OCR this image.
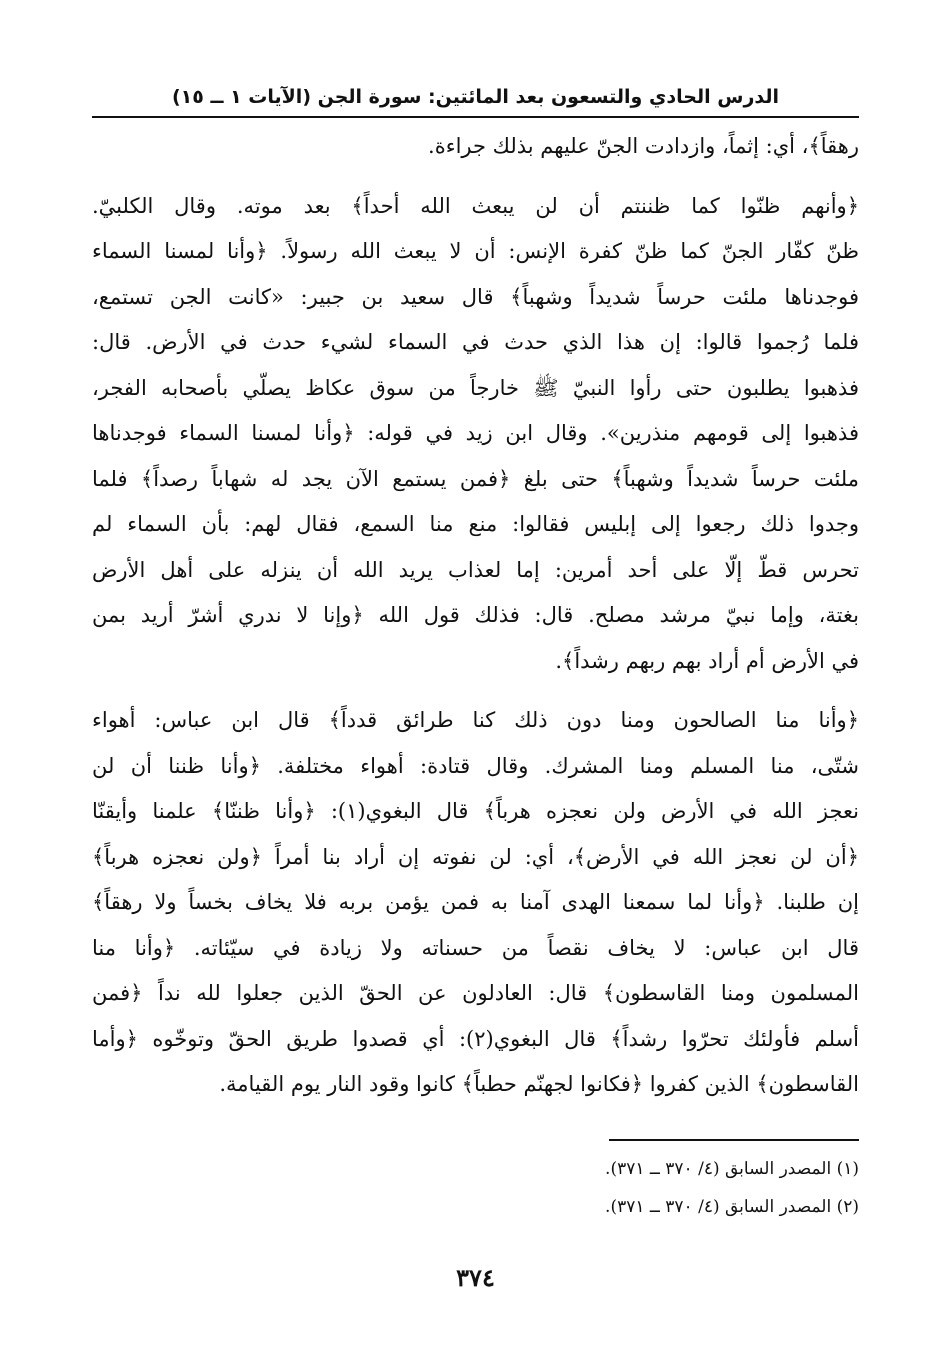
الدرس الحادي والتسعون بعد المائتين: سورة الجن (الآيات ١ ــ ١٥)
رهقاً﴾، أي: إثماً، وازدادت الجنّ عليهم بذلك جراءة.
﴿وأنهم ظنّوا كما ظننتم أن لن يبعث الله أحداً﴾ بعد موته. وقال الكلبيّ.
ظنّ كفّار الجنّ كما ظنّ كفرة الإنس: أن لا يبعث الله رسولاً. ﴿وأنا لمسنا السماء
فوجدناها ملئت حرساً شديداً وشهباً﴾ قال سعيد بن جبير: «كانت الجن تستمع،
فلما رُجموا قالوا: إن هذا الذي حدث في السماء لشيء حدث في الأرض. قال:
فذهبوا يطلبون حتى رأوا النبيّ ﷺ خارجاً من سوق عكاظ يصلّي بأصحابه الفجر،
فذهبوا إلى قومهم منذرين». وقال ابن زيد في قوله: ﴿وأنا لمسنا السماء فوجدناها
ملئت حرساً شديداً وشهباً﴾ حتى بلغ ﴿فمن يستمع الآن يجد له شهاباً رصداً﴾ فلما
وجدوا ذلك رجعوا إلى إبليس فقالوا: منع منا السمع، فقال لهم: بأن السماء لم
تحرس قطّ إلّا على أحد أمرين: إما لعذاب يريد الله أن ينزله على أهل الأرض
بغتة، وإما نبيّ مرشد مصلح. قال: فذلك قول الله ﴿وإنا لا ندري أشرّ أريد بمن
في الأرض أم أراد بهم ربهم رشداً﴾.
﴿وأنا منا الصالحون ومنا دون ذلك كنا طرائق قدداً﴾ قال ابن عباس: أهواء
شتّى، منا المسلم ومنا المشرك. وقال قتادة: أهواء مختلفة. ﴿وأنا ظننا أن لن
نعجز الله في الأرض ولن نعجزه هرباً﴾ قال البغوي(١): ﴿وأنا ظننّا﴾ علمنا وأيقنّا
﴿أن لن نعجز الله في الأرض﴾، أي: لن نفوته إن أراد بنا أمراً ﴿ولن نعجزه هرباً﴾
إن طلبنا. ﴿وأنا لما سمعنا الهدى آمنا به فمن يؤمن بربه فلا يخاف بخساً ولا رهقاً﴾
قال ابن عباس: لا يخاف نقصاً من حسناته ولا زيادة في سيّئاته. ﴿وأنا منا
المسلمون ومنا القاسطون﴾ قال: العادلون عن الحقّ الذين جعلوا لله نداً ﴿فمن
أسلم فأولئك تحرّوا رشداً﴾ قال البغوي(٢): أي قصدوا طريق الحقّ وتوخّوه ﴿وأما
القاسطون﴾ الذين كفروا ﴿فكانوا لجهنّم حطباً﴾ كانوا وقود النار يوم القيامة.
(١) المصدر السابق (٤/ ٣٧٠ ــ ٣٧١).
(٢) المصدر السابق (٤/ ٣٧٠ ــ ٣٧١).
٣٧٤
